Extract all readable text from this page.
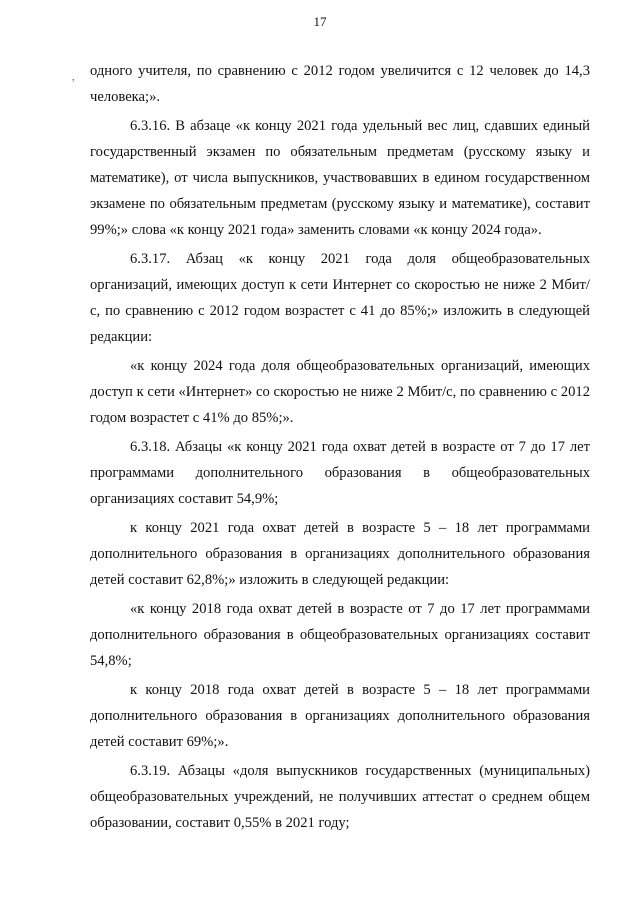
17
, одного учителя, по сравнению с 2012 годом увеличится с 12 человек до 14,3 человека;».

6.3.16. В абзаце «к концу 2021 года удельный вес лиц, сдавших единый государственный экзамен по обязательным предметам (русскому языку и математике), от числа выпускников, участвовавших в едином государственном экзамене по обязательным предметам (русскому языку и математике), составит 99%;» слова «к концу 2021 года» заменить словами «к концу 2024 года».

6.3.17. Абзац «к концу 2021 года доля общеобразовательных организаций, имеющих доступ к сети Интернет со скоростью не ниже 2 Мбит/с, по сравнению с 2012 годом возрастет с 41 до 85%;» изложить в следующей редакции:

«к концу 2024 года доля общеобразовательных организаций, имеющих доступ к сети «Интернет» со скоростью не ниже 2 Мбит/с, по сравнению с 2012 годом возрастет с 41% до 85%;».

6.3.18. Абзацы «к концу 2021 года охват детей в возрасте от 7 до 17 лет программами дополнительного образования в общеобразовательных организациях составит 54,9%;

к концу 2021 года охват детей в возрасте 5 – 18 лет программами дополнительного образования в организациях дополнительного образования детей составит 62,8%;» изложить в следующей редакции:

«к концу 2018 года охват детей в возрасте от 7 до 17 лет программами дополнительного образования в общеобразовательных организациях составит 54,8%;

к концу 2018 года охват детей в возрасте 5 – 18 лет программами дополнительного образования в организациях дополнительного образования детей составит 69%;».

6.3.19. Абзацы «доля выпускников государственных (муниципальных) общеобразовательных учреждений, не получивших аттестат о среднем общем образовании, составит 0,55% в 2021 году;
